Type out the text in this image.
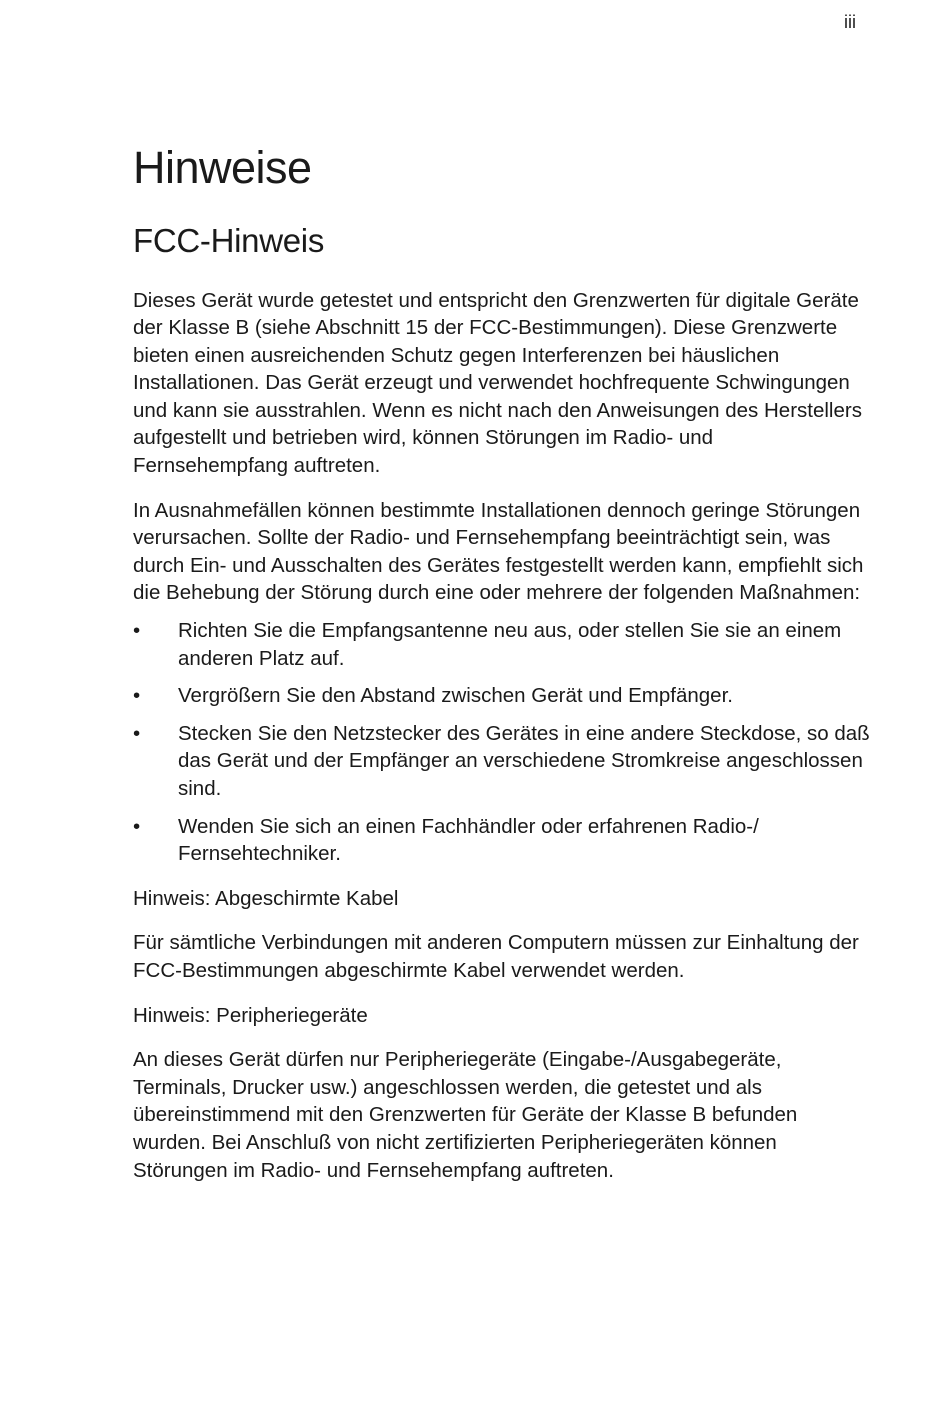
iii
Hinweise
FCC-Hinweis

Dieses Gerät wurde getestet und entspricht den Grenzwerten für digitale Geräte der Klasse B (siehe Abschnitt 15 der FCC-Bestimmungen). Diese Grenzwerte bieten einen ausreichenden Schutz gegen Interferenzen bei häuslichen Installationen. Das Gerät erzeugt und verwendet hochfrequente Schwingungen und kann sie ausstrahlen. Wenn es nicht nach den Anweisungen des Herstellers aufgestellt und betrieben wird, können Störungen im Radio- und Fernsehempfang auftreten.

In Ausnahmefällen können bestimmte Installationen dennoch geringe Störungen verursachen. Sollte der Radio- und Fernsehempfang beeinträchtigt sein, was durch Ein- und Ausschalten des Gerätes festgestellt werden kann, empfiehlt sich die Behebung der Störung durch eine oder mehrere der folgenden Maßnahmen:

• Richten Sie die Empfangsantenne neu aus, oder stellen Sie sie an einem anderen Platz auf.
• Vergrößern Sie den Abstand zwischen Gerät und Empfänger.
• Stecken Sie den Netzstecker des Gerätes in eine andere Steckdose, so daß das Gerät und der Empfänger an verschiedene Stromkreise angeschlossen sind.
• Wenden Sie sich an einen Fachhändler oder erfahrenen Radio-/ Fernsehtechniker.

Hinweis: Abgeschirmte Kabel

Für sämtliche Verbindungen mit anderen Computern müssen zur Einhaltung der FCC-Bestimmungen abgeschirmte Kabel verwendet werden.

Hinweis: Peripheriegeräte

An dieses Gerät dürfen nur Peripheriegeräte (Eingabe-/Ausgabegeräte, Terminals, Drucker usw.) angeschlossen werden, die getestet und als übereinstimmend mit den Grenzwerten für Geräte der Klasse B befunden wurden. Bei Anschluß von nicht zertifizierten Peripheriegeräten können Störungen im Radio- und Fernsehempfang auftreten.
